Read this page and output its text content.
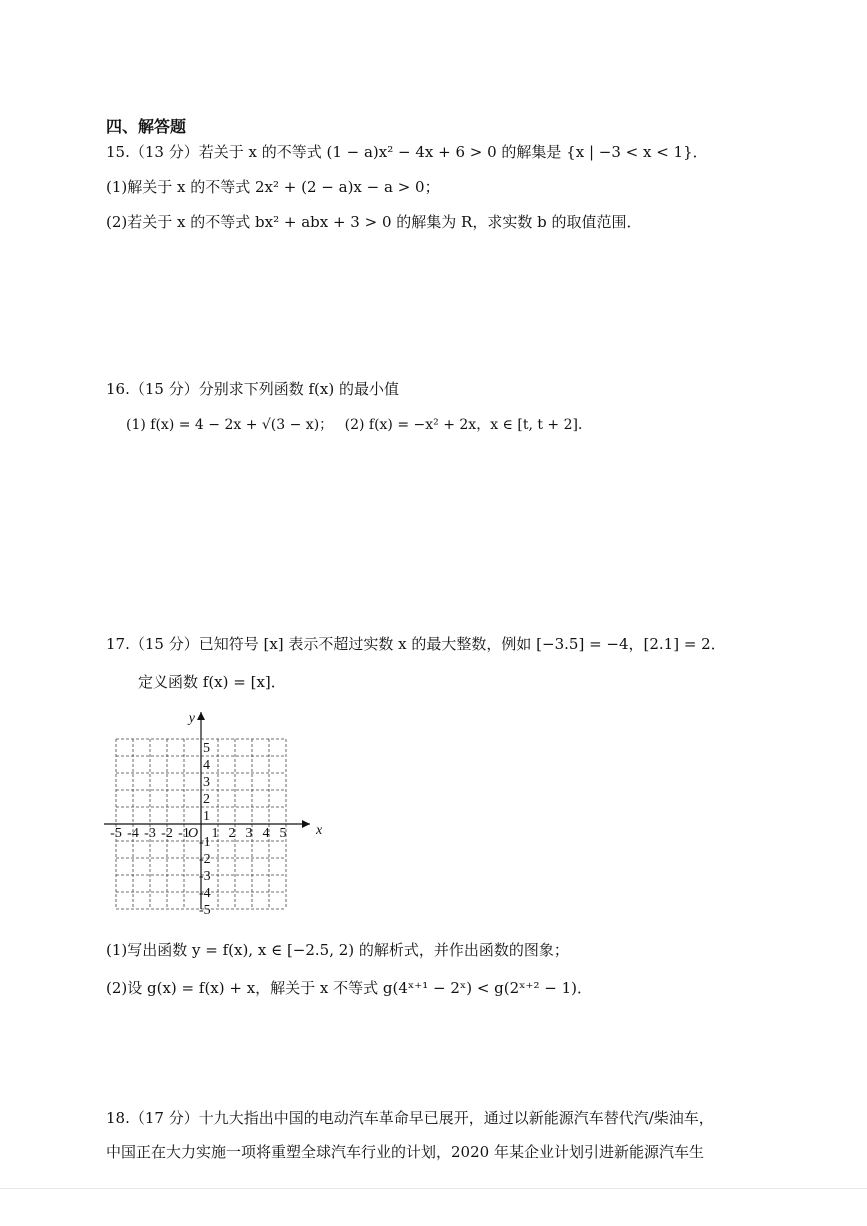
四、解答题
15.（13 分）若关于 x 的不等式 (1 − a)x² − 4x + 6 > 0 的解集是 {x | −3 < x < 1}．
(1)解关于 x 的不等式 2x² + (2 − a)x − a > 0；
(2)若关于 x 的不等式 bx² + abx + 3 > 0 的解集为 R，求实数 b 的取值范围．
16.（15 分）分别求下列函数 f(x) 的最小值
(1) f(x) = 4 − 2x + √(3 − x)；　 (2) f(x) = −x² + 2x，x ∈ [t, t + 2]．
17.（15 分）已知符号 [x] 表示不超过实数 x 的最大整数，例如 [−3.5] = −4，[2.1] = 2．
定义函数 f(x) = [x]．
x
y
O
-5 -4 -3 -2 -1 1 2 3 4 5
1
2
3
4
5
-1
-2
-3
-4
-5
(1)写出函数 y = f(x), x ∈ [−2.5, 2) 的解析式，并作出函数的图象；
(2)设 g(x) = f(x) + x，解关于 x 不等式 g(4ˣ⁺¹ − 2ˣ) < g(2ˣ⁺² − 1)．
18.（17 分）十九大指出中国的电动汽车革命早已展开，通过以新能源汽车替代汽/柴油车，
中国正在大力实施一项将重塑全球汽车行业的计划，2020 年某企业计划引进新能源汽车生
